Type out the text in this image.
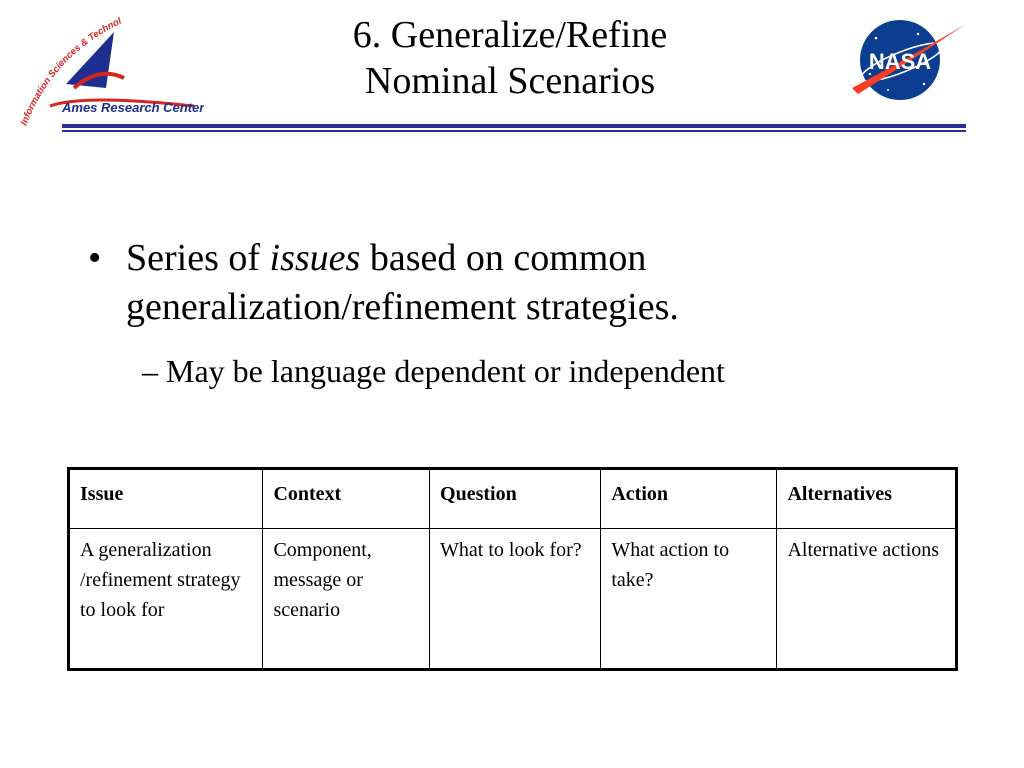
Information Sciences & Technol
Ames Research Center
6. Generalize/Refine
Nominal Scenarios	NASA
• Series of issues based on common generalization/refinement strategies.
– May be language dependent or independent
Issue	Context	Question	Action	Alternatives
A generalization /refinement strategy to look for	Component, message or scenario	What to look for?	What action to take?	Alternative actions
